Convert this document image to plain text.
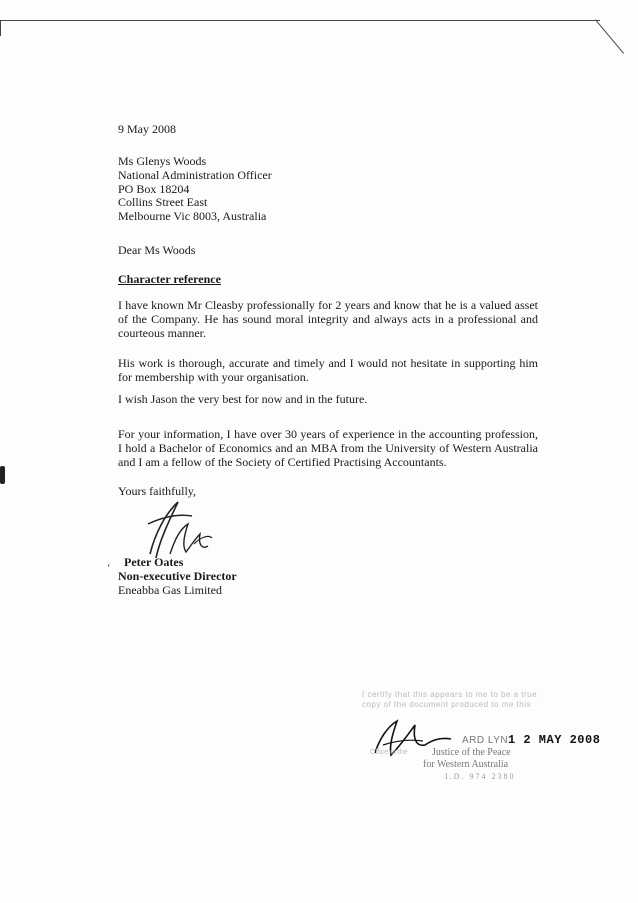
9 May 2008
Ms Glenys Woods
National Administration Officer
PO Box 18204
Collins Street East
Melbourne Vic 8003, Australia
Dear Ms Woods
Character reference
I have known Mr Cleasby professionally for 2 years and know that he is a valued asset of the Company. He has sound moral integrity and always acts in a professional and courteous manner.
His work is thorough, accurate and timely and I would not hesitate in supporting him for membership with your organisation.
I wish Jason the very best for now and in the future.
For your information, I have over 30 years of experience in the accounting profession, I hold a Bachelor of Economics and an MBA from the University of Western Australia and I am a fellow of the Society of Certified Practising Accountants.
Yours faithfully,
‘ Peter Oates
Non-executive Director
Eneabba Gas Limited
I certify that this appears to me to be a true
copy of the document produced to me this
ARD LYN 1 2 MAY 2008
Office of the Justice of the Peace
for Western Australia
I.D. 974 2380
